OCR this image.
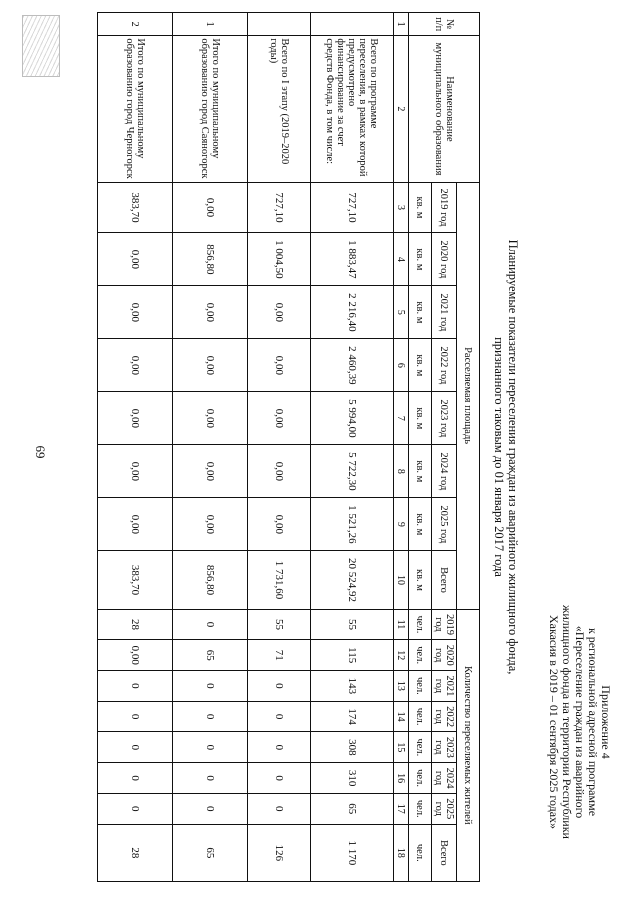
69
Приложение 4
к региональной адресной программе
«Переселение граждан из аварийного
жилищного фонда на территории Республики
Хакасия в 2019 – 01 сентября 2025 годах»
Планируемые показатели переселения граждан из аварийного жилищного фонда,
признанного таковым до 01 января 2017 года
№ п/п	Наименование муниципального образования	Расселяемая площадь								Количество переселяемых жителей							
		2019 год	2020 год	2021 год	2022 год	2023 год	2024 год	2025 год	Всего	2019 год	2020 год	2021 год	2022 год	2023 год	2024 год	2025 год	Всего
		кв. м	кв. м	кв. м	кв. м	кв. м	кв. м	кв. м	кв. м	чел.	чел.	чел.	чел.	чел.	чел.	чел.	чел.
1	2	3	4	5	6	7	8	9	10	11	12	13	14	15	16	17	18
	Всего по программе переселения, в рамках которой предусмотрено финансирование за счет средств Фонда, в том числе:	727,10	1 883,47	2 216,40	2 460,39	5 994,00	5 722,30	1 521,26	20 524,92	55	115	143	174	308	310	65	1 170
	Всего по I этапу (2019–2020 годы)	727,10	1 004,50	0,00	0,00	0,00	0,00	0,00	1 731,60	55	71	0	0	0	0	0	126
1	Итого по муниципальному образованию город Саяногорск	0,00	856,80	0,00	0,00	0,00	0,00	0,00	856,80	0	65	0	0	0	0	0	65
2	Итого по муниципальному образованию город Черногорск	383,70	0,00	0,00	0,00	0,00	0,00	0,00	383,70	28	0,00	0	0	0	0	0	28
